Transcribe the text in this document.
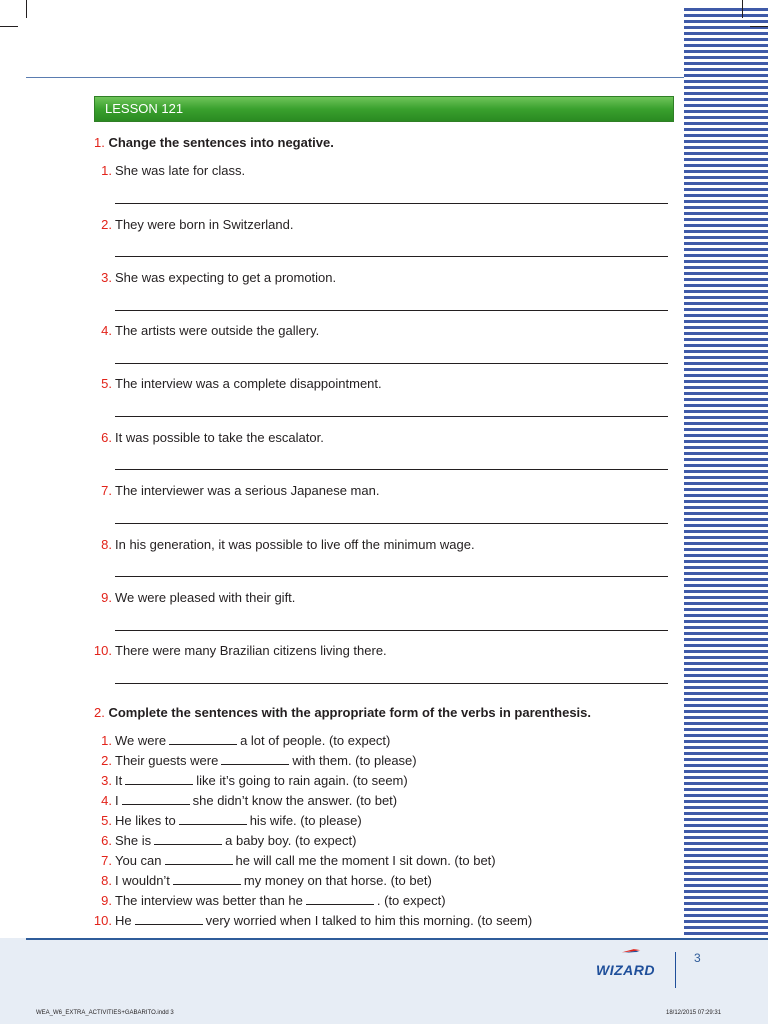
LESSON 121
1. Change the sentences into negative.
1. She was late for class.
2. They were born in Switzerland.
3. She was expecting to get a promotion.
4. The artists were outside the gallery.
5. The interview was a complete disappointment.
6. It was possible to take the escalator.
7. The interviewer was a serious Japanese man.
8. In his generation, it was possible to live off the minimum wage.
9. We were pleased with their gift.
10. There were many Brazilian citizens living there.
2. Complete the sentences with the appropriate form of the verbs in parenthesis.
1. We were	a lot of people. (to expect)
2. Their guests were	with them. (to please)
3. It	like it’s going to rain again. (to seem)
4. I	she didn’t know the answer. (to bet)
5. He likes to	his wife. (to please)
6. She is	a baby boy. (to expect)
7. You can	he will call me the moment I sit down. (to bet)
8. I wouldn’t	my money on that horse. (to bet)
9. The interview was better than he	. (to expect)
10. He	very worried when I talked to him this morning. (to seem)
WIZARD
3
WEA_W6_EXTRA_ACTIVITIES+GABARITO.indd 3	18/12/2015 07:29:31
